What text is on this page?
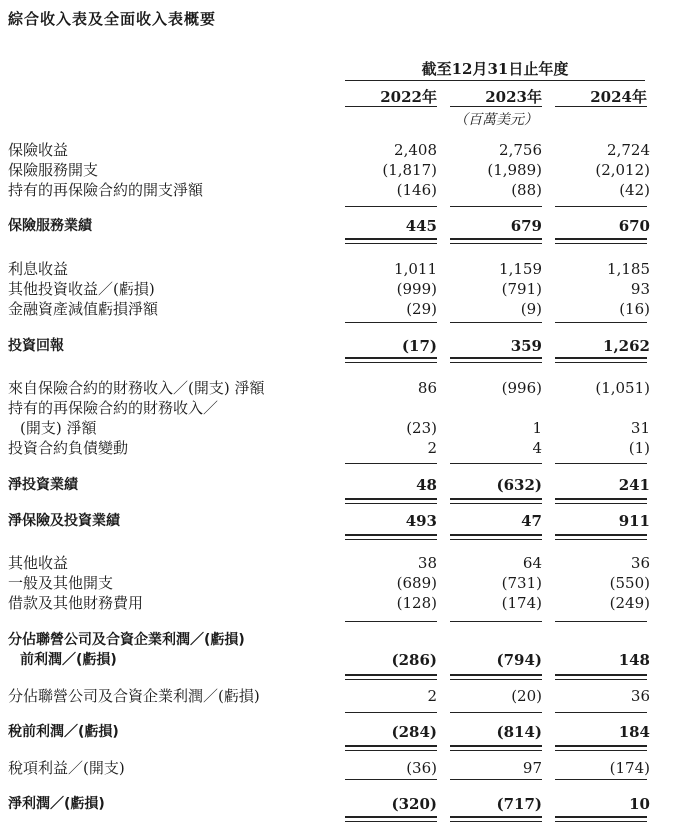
綜合收入表及全面收入表概要
截至12月31日止年度
2022年	2023年	2024年
（百萬美元）
保險收益	2,408	2,756	2,724
保險服務開支	(1,817)	(1,989)	(2,012)
持有的再保險合約的開支淨額	(146)	(88)	(42)
保險服務業績	445	679	670
利息收益	1,011	1,159	1,185
其他投資收益／(虧損)	(999)	(791)	93
金融資產減值虧損淨額	(29)	(9)	(16)
投資回報	(17)	359	1,262
來自保險合約的財務收入／(開支) 淨額	86	(996)	(1,051)
持有的再保險合約的財務收入／
(開支) 淨額	(23)	1	31
投資合約負債變動	2	4	(1)
淨投資業績	48	(632)	241
淨保險及投資業績	493	47	911
其他收益	38	64	36
一般及其他開支	(689)	(731)	(550)
借款及其他財務費用	(128)	(174)	(249)
分佔聯營公司及合資企業利潤／(虧損)
前利潤／(虧損)	(286)	(794)	148
分佔聯營公司及合資企業利潤／(虧損)	2	(20)	36
稅前利潤／(虧損)	(284)	(814)	184
稅項利益／(開支)	(36)	97	(174)
淨利潤／(虧損)	(320)	(717)	10
